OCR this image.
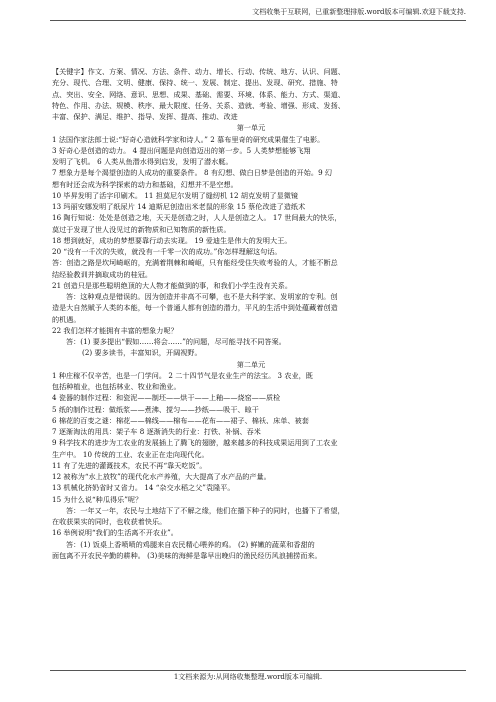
文档收集于互联网，已重新整理排版.word版本可编辑.欢迎下载支持.

【关键字】作文、方案、情况、方法、条件、动力、增长、行动、传统、地方、认识、问题、

充分、现代、合理、文明、健康、保持、统一、发展、制定、提出、发现、研究、措施、特

点、突出、安全、网络、意识、思想、成果、基础、需要、环境、体系、能力、方式、渠道、

特色、作用、办法、规模、秩序、最大限度、任务、关系、造就、考验、增强、形成、发扬、

丰富、保护、满足、维护、指导、发挥、提高、推动、改进

第一单元

1 法国作家法郎士说:“好奇心造就科学家和诗人。” 2 慕布里奇的研究成果催生了电影。

3 好奇心是创造的动力。 4 提出问题是向创造迈出的第一步。5 人类梦想能够飞翔

发明了飞机。 6 人类从鱼潜水得到启发，发明了潜水艇。

7 想象力是每个渴望创造的人成功的重要条件。 8 有幻想、做白日梦是创造的开始。9 幻

想有时还会成为科学探索的动力和基础，幻想并不是空想。

10 毕昇发明了活字印刷术。 11 担莫尼尔发明了缝纫机 12 胡克发明了显微镜

13 玛丽安娜发明了纸尿片 14 迪斯尼创造出米老鼠的形象 15 蔡伦改进了造纸术

16 陶行知说：处处是创造之地，天天是创造之时，人人是创造之人。 17 世间最大的快乐，

莫过于发现了世人没见过的新物质和已知物质的新性质。

18 想到就好，成功的梦想要靠行动去实现。 19 爱迪生是伟大的发明大王。

20 “没有一千次的失败，就没有一千零一次的成功。”你怎样理解这句话。

答：创造之路是坎坷崎岖的，充满着荆棘和崎岖，只有能经受住失败考验的人，才能不断总

结经验教训并摘取成功的桂冠。

21 创造只是那些聪明绝顶的大人物才能做到的事，和我们小学生没有关系。

答：这种观点是错误的。因为创造并非高不可攀，也不是大科学家、发明家的专利。创

造是大自然赋予人类的本能，每一个普通人都有创造的潜力，平凡的生活中到处蕴藏着创造

的机遇。

22 我们怎样才能拥有丰富的想象力呢？

答：(1) 要多提出“假如……将会……”的问题，尽可能寻找不同答案。

(2) 要多读书，丰富知识，开阔视野。

第二单元

1 种庄稼不仅辛苦，也是一门学问。 2 二十四节气是农业生产的法宝。 3 农业，既

包括种植业，也包括林业、牧业和渔业。

4 瓷器的制作过程：和瓷泥——制坯——烘干——上釉——烧窑——质检

5 纸的制作过程：做纸浆——煮沸、搅匀——抄纸——吸干、晾干

6 棉花的百变之谜：棉花——棉线——棉布——花布——裙子、棉袄、床单、被套

7 逐渐淘汰的用具：架子车 8 逐渐消失的行业：打铁、补锅、吞米

9 科学技术的进步为工农业的发展插上了腾飞的翅膀，越来越多的科技成果运用到了工农业

生产中。 10 传统的工业、农业正在走向现代化。

11 有了先进的灌溉技术，农民不再“靠天吃饭”。

12 被称为“水上放牧”的现代化水产养殖，大大提高了水产品的产量。

13 机械化挤奶省时又省力。 14 “杂交水稻之父”袁隆平。

15 为什么说“种瓜得乐”呢？

答：一年又一年，农民与土地结下了不解之缘，他们在播下种子的同时，也播下了希望，

在收获果实的同时，也收获着快乐。

16 举例说明“我们的生活离不开农业”。

答：(1) 饭桌上香喷喷的鸡腿来自农民精心喂养的鸡。 (2) 鲜嫩的蔬菜和香甜的

面包离不开农民辛勤的耕种。 (3)美味的海鲜是靠早出晚归的渔民经历风浪捕捞而来。

1文档来源为:从网络收集整理.word版本可编辑.
